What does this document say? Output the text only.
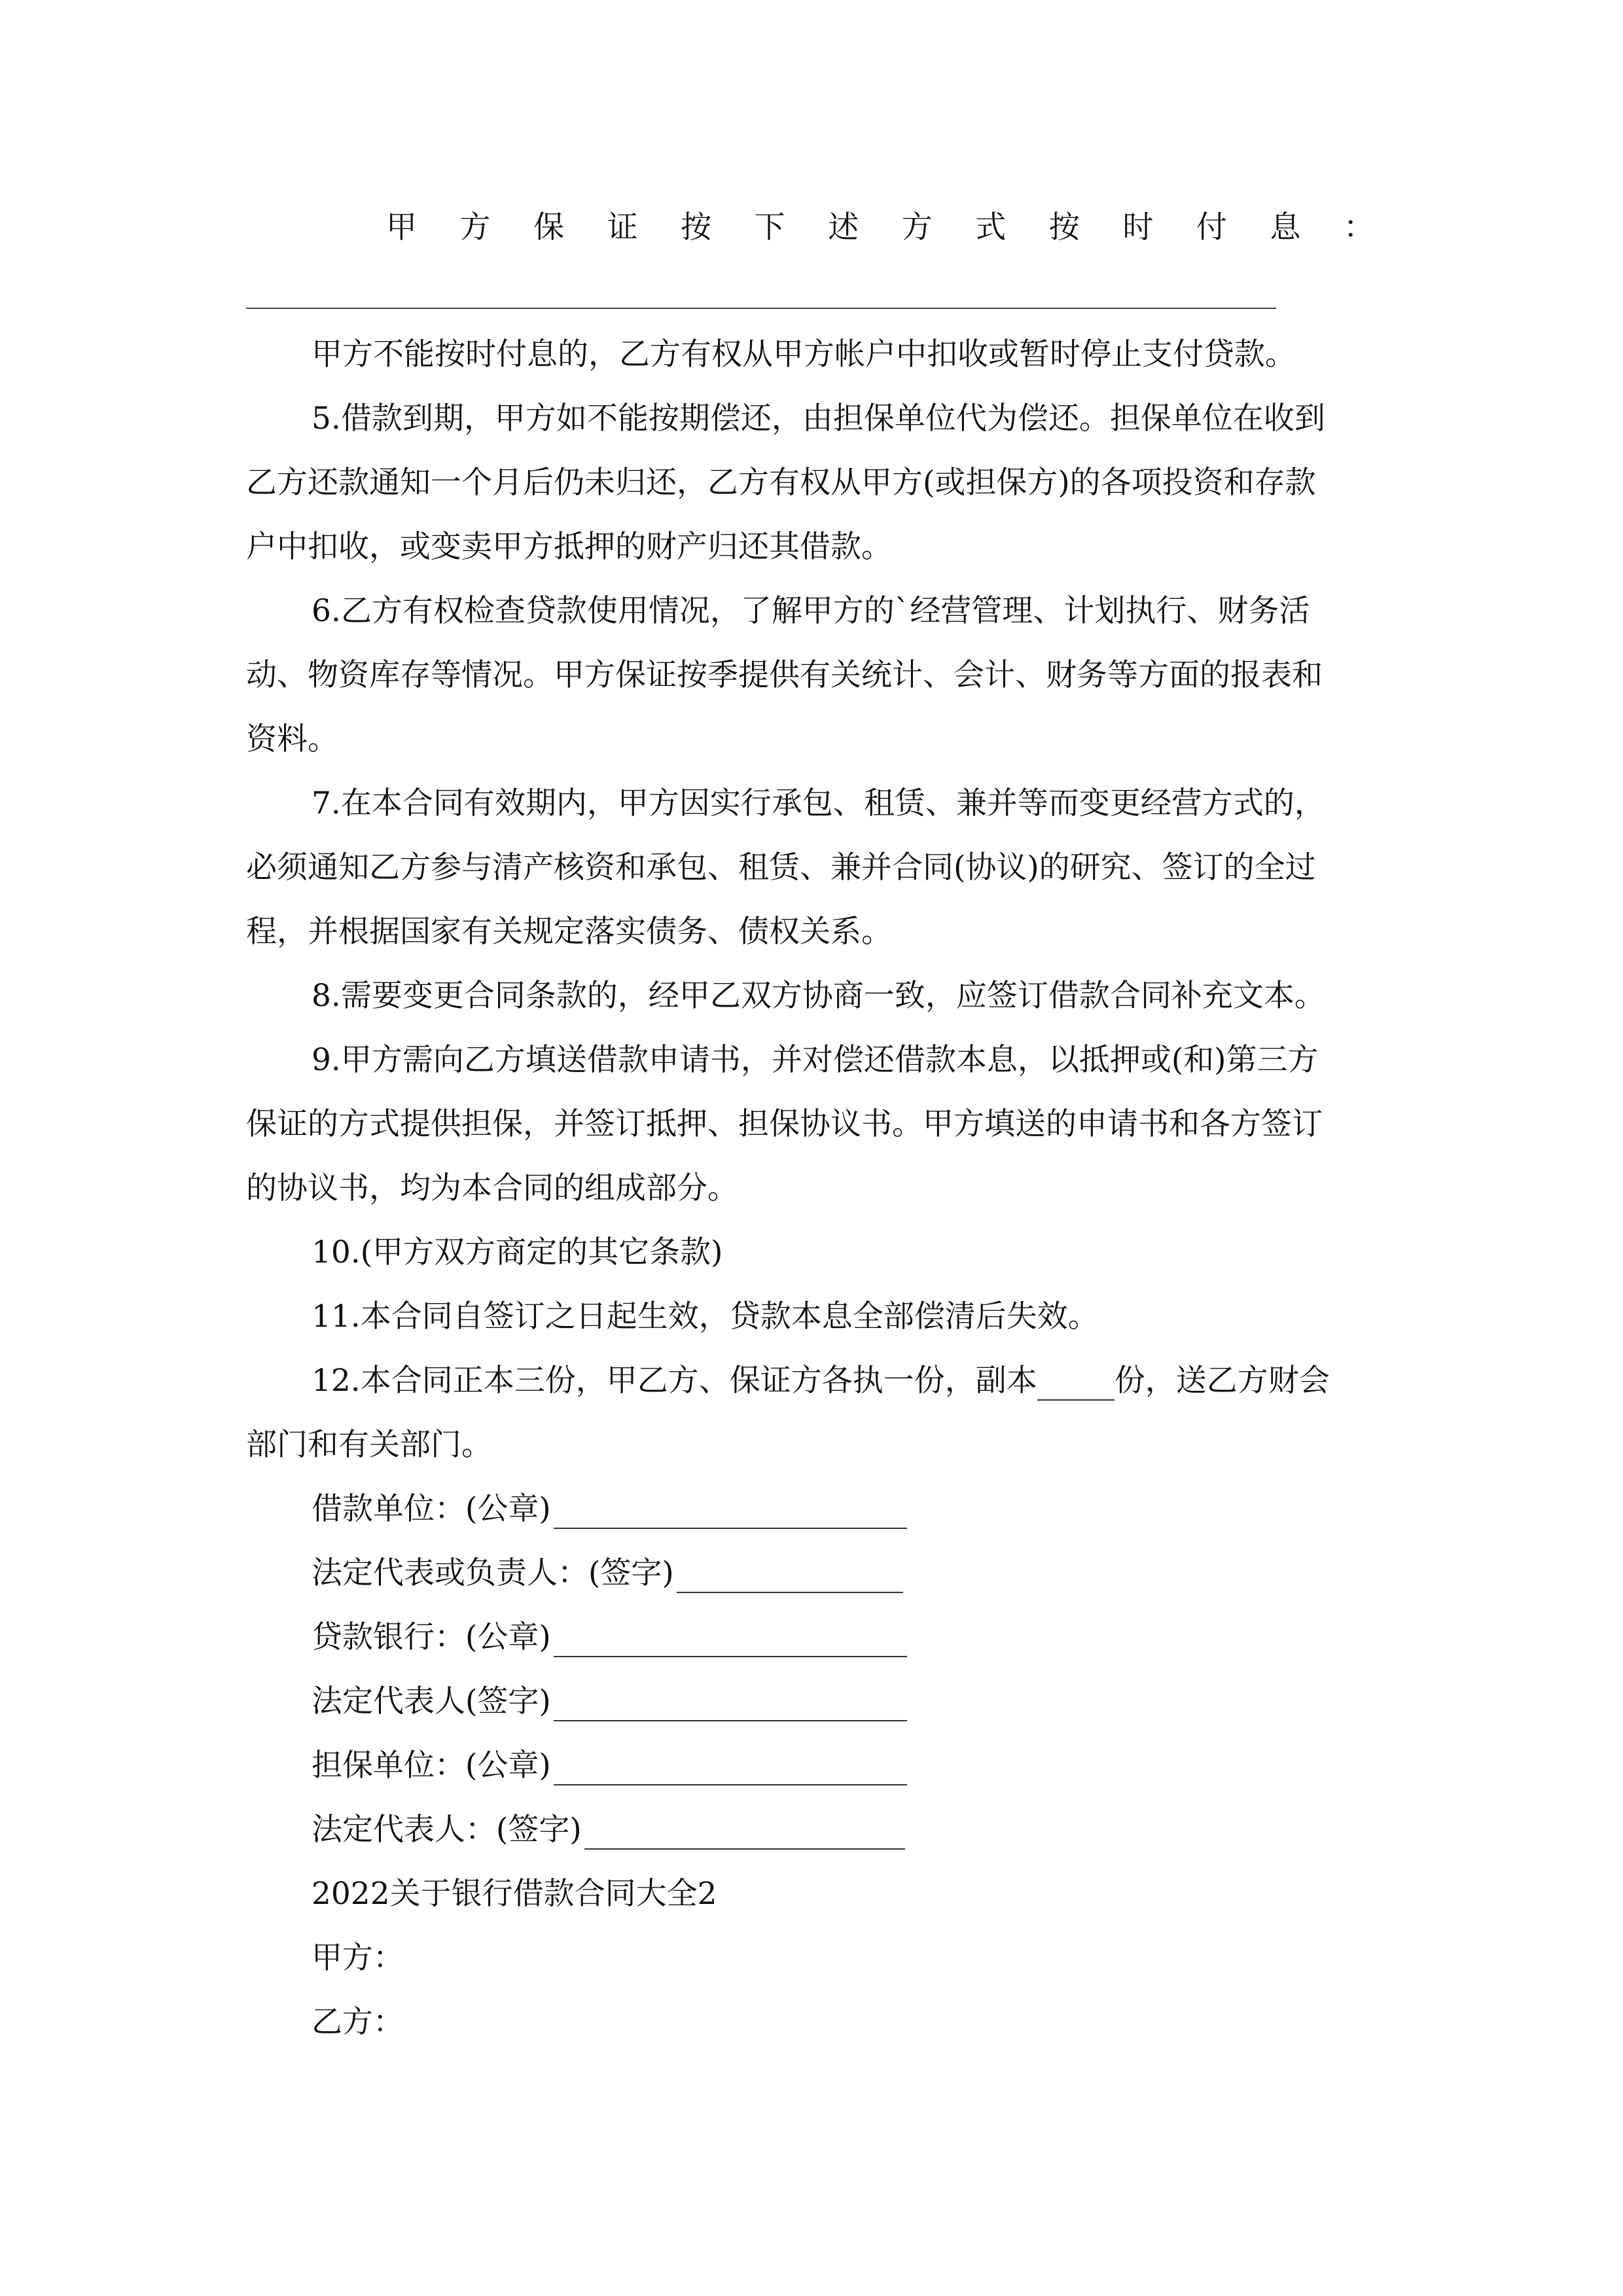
甲 方 保 证 按 下 述 方 式 按 时 付 息 ：
甲方不能按时付息的，乙方有权从甲方帐户中扣收或暂时停止支付贷款。
5.借款到期，甲方如不能按期偿还，由担保单位代为偿还。担保单位在收到
乙方还款通知一个月后仍未归还，乙方有权从甲方(或担保方)的各项投资和存款
户中扣收，或变卖甲方抵押的财产归还其借款。
6.乙方有权检查贷款使用情况，了解甲方的`经营管理、计划执行、财务活
动、物资库存等情况。甲方保证按季提供有关统计、会计、财务等方面的报表和
资料。
7.在本合同有效期内，甲方因实行承包、租赁、兼并等而变更经营方式的，
必须通知乙方参与清产核资和承包、租赁、兼并合同(协议)的研究、签订的全过
程，并根据国家有关规定落实债务、债权关系。
8.需要变更合同条款的，经甲乙双方协商一致，应签订借款合同补充文本。
9.甲方需向乙方填送借款申请书，并对偿还借款本息，以抵押或(和)第三方
保证的方式提供担保，并签订抵押、担保协议书。甲方填送的申请书和各方签订
的协议书，均为本合同的组成部分。
10.(甲方双方商定的其它条款)
11.本合同自签订之日起生效，贷款本息全部偿清后失效。
12.本合同正本三份，甲乙方、保证方各执一份，副本	份，送乙方财会
部门和有关部门。
借款单位：(公章)
法定代表或负责人：(签字)
贷款银行：(公章)
法定代表人(签字)
担保单位：(公章)
法定代表人：(签字)
2022关于银行借款合同大全2
甲方：
乙方：
